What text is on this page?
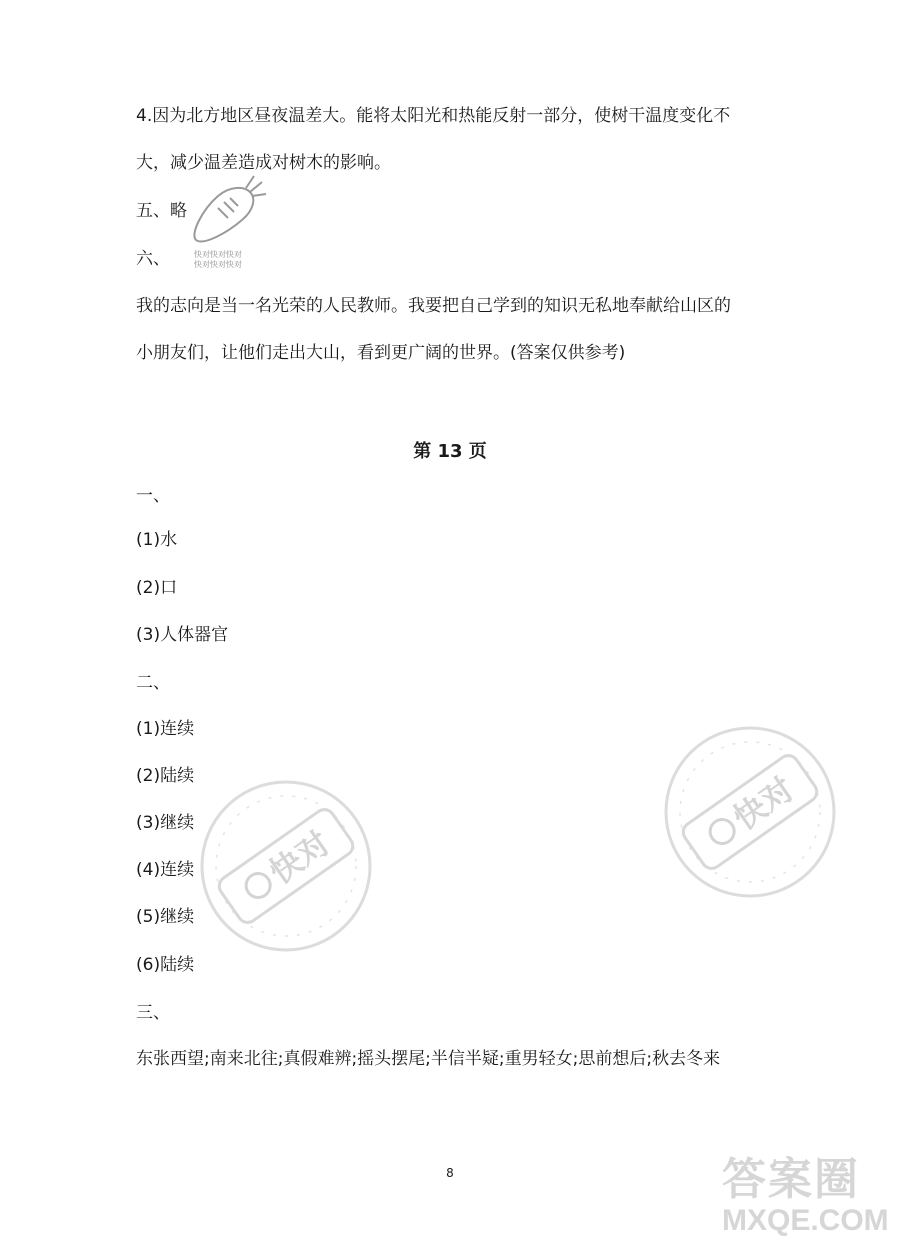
4.因为北方地区昼夜温差大。能将太阳光和热能反射一部分，使树干温度变化不

大，减少温差造成对树木的影响。

五、略

六、

我的志向是当一名光荣的人民教师。我要把自己学到的知识无私地奉献给山区的

小朋友们，让他们走出大山，看到更广阔的世界。(答案仅供参考)

快对快对快对
快对快对快对
第 13 页

一、

(1)水

(2)口

(3)人体器官

二、

(1)连续

(2)陆续

(3)继续

(4)连续

(5)继续

(6)陆续

三、

东张西望;南来北往;真假难辨;摇头摆尾;半信半疑;重男轻女;思前想后;秋去冬来

快对
快对
8	答案圈
MXQE.COM
